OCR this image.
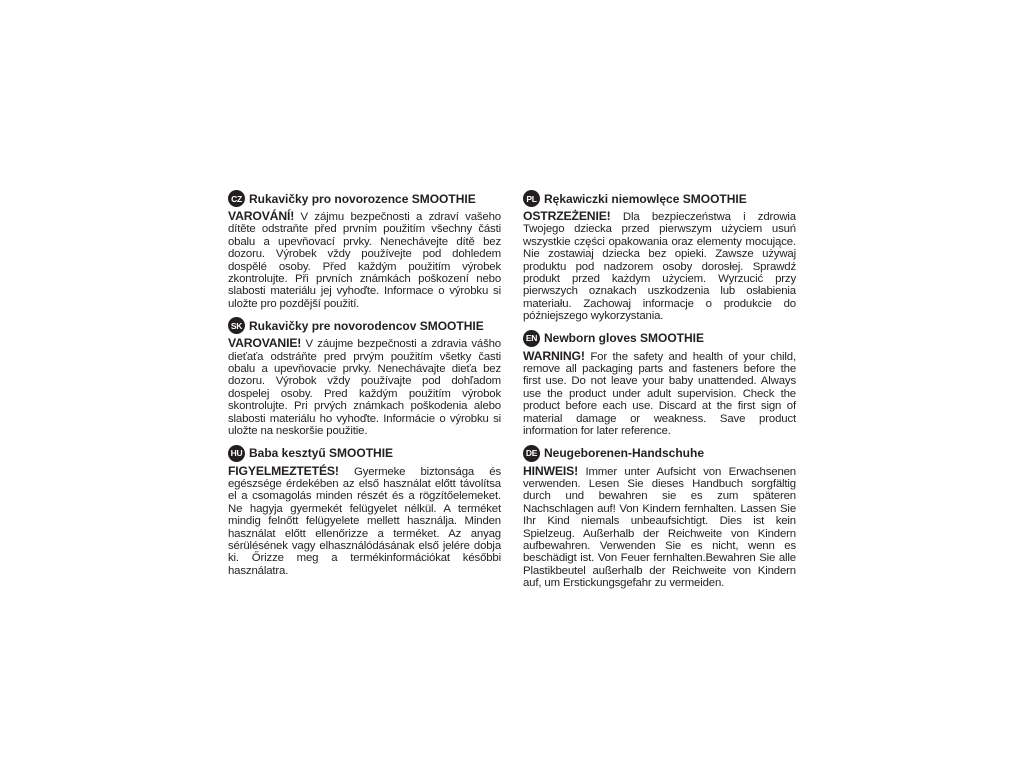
CZ Rukavičky pro novorozence SMOOTHIE

VAROVÁNÍ! V zájmu bezpečnosti a zdraví vašeho dítěte odstraňte před prvním použitím všechny části obalu a upevňovací prvky. Nenechávejte dítě bez dozoru. Výrobek vždy používejte pod dohledem dospělé osoby. Před každým použitím výrobek zkontrolujte. Při prvních známkách poškození nebo slabosti materiálu jej vyhoďte. Informace o výrobku si uložte pro pozdější použití.

SK Rukavičky pre novorodencov SMOOTHIE

VAROVANIE! V záujme bezpečnosti a zdravia vášho dieťaťa odstráňte pred prvým použitím všetky časti obalu a upevňovacie prvky. Nenechávajte dieťa bez dozoru. Výrobok vždy používajte pod dohľadom dospelej osoby. Pred každým použitím výrobok skontrolujte. Pri prvých známkach poškodenia alebo slabosti materiálu ho vyhoďte. Informácie o výrobku si uložte na neskoršie použitie.

HU Baba kesztyű SMOOTHIE

FIGYELMEZTETÉS! Gyermeke biztonsága és egészsége érdekében az első használat előtt távolítsa el a csomagolás minden részét és a rögzítőelemeket. Ne hagyja gyermekét felügyelet nélkül. A terméket mindig felnőtt felügyelete mellett használja. Minden használat előtt ellenőrizze a terméket. Az anyag sérülésének vagy elhasználódásának első jelére dobja ki. Őrizze meg a termékinformációkat későbbi használatra.

PL Rękawiczki niemowlęce SMOOTHIE

OSTRZEŻENIE! Dla bezpieczeństwa i zdrowia Twojego dziecka przed pierwszym użyciem usuń wszystkie części opakowania oraz elementy mocujące. Nie zostawiaj dziecka bez opieki. Zawsze używaj produktu pod nadzorem osoby dorosłej. Sprawdź produkt przed każdym użyciem. Wyrzucić przy pierwszych oznakach uszkodzenia lub osłabienia materiału. Zachowaj informacje o produkcie do późniejszego wykorzystania.

EN Newborn gloves SMOOTHIE

WARNING! For the safety and health of your child, remove all packaging parts and fasteners before the first use. Do not leave your baby unattended. Always use the product under adult supervision. Check the product before each use. Discard at the first sign of material damage or weakness. Save product information for later reference.

DE Neugeborenen-Handschuhe

HINWEIS! Immer unter Aufsicht von Erwachsenen verwenden. Lesen Sie dieses Handbuch sorgfältig durch und bewahren sie es zum späteren Nachschlagen auf! Von Kindern fernhalten. Lassen Sie Ihr Kind niemals unbeaufsichtigt. Dies ist kein Spielzeug. Außerhalb der Reichweite von Kindern aufbewahren. Verwenden Sie es nicht, wenn es beschädigt ist. Von Feuer fernhalten.Bewahren Sie alle Plastikbeutel außerhalb der Reichweite von Kindern auf, um Erstickungsgefahr zu vermeiden.
